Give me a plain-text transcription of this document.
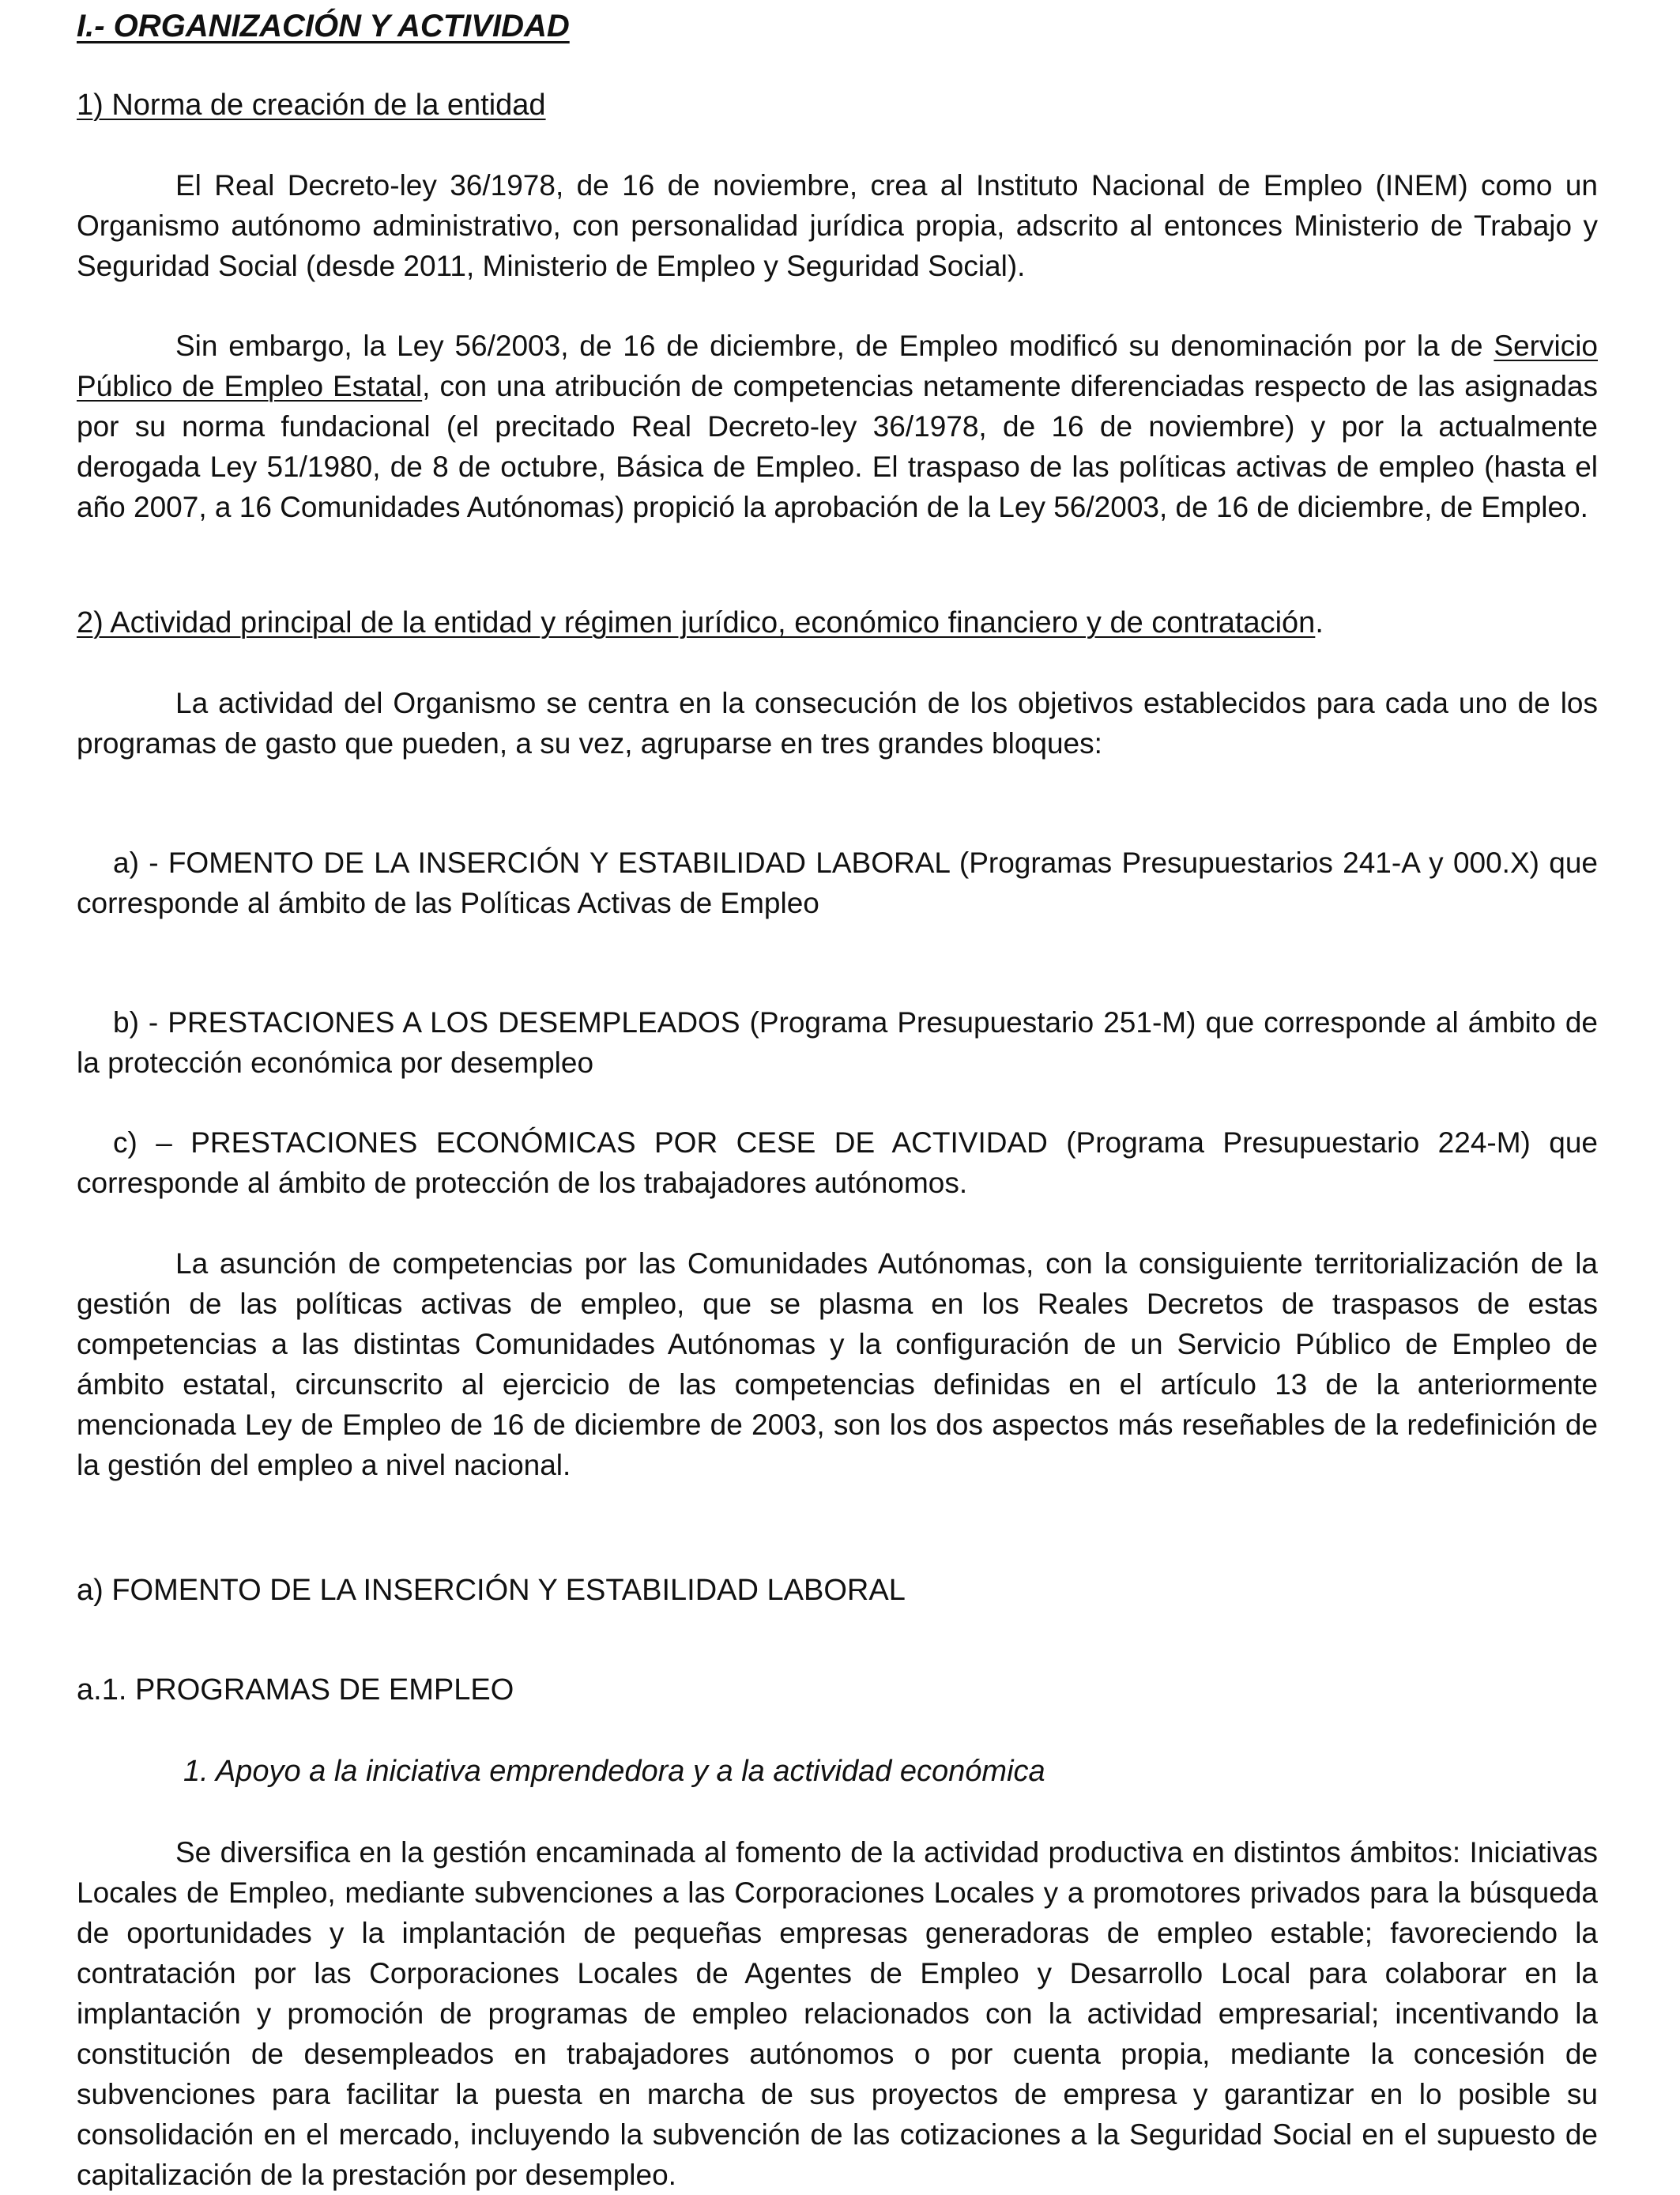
I.- ORGANIZACIÓN Y ACTIVIDAD

1) Norma de creación de la entidad

El Real Decreto-ley 36/1978, de 16 de noviembre, crea al Instituto Nacional de Empleo (INEM) como un Organismo autónomo administrativo, con personalidad jurídica propia, adscrito al entonces Ministerio de Trabajo y Seguridad Social (desde 2011, Ministerio de Empleo y Seguridad Social).

Sin embargo, la Ley 56/2003, de 16 de diciembre, de Empleo modificó su denominación por la de Servicio Público de Empleo Estatal, con una atribución de competencias netamente diferenciadas respecto de las asignadas por su norma fundacional (el precitado Real Decreto-ley 36/1978, de 16 de noviembre) y por la actualmente derogada Ley 51/1980, de 8 de octubre, Básica de Empleo. El traspaso de las políticas activas de empleo (hasta el año 2007, a 16 Comunidades Autónomas) propició la aprobación de la Ley 56/2003, de 16 de diciembre, de Empleo.

2) Actividad principal de la entidad y régimen jurídico, económico financiero y de contratación.

La actividad del Organismo se centra en la consecución de los objetivos establecidos para cada uno de los programas de gasto que pueden, a su vez, agruparse en tres grandes bloques:

a) - FOMENTO DE LA INSERCIÓN Y ESTABILIDAD LABORAL (Programas Presupuestarios 241-A y 000.X) que corresponde al ámbito de las Políticas Activas de Empleo

b) - PRESTACIONES A LOS DESEMPLEADOS (Programa Presupuestario 251-M) que corresponde al ámbito de la protección económica por desempleo

c) – PRESTACIONES ECONÓMICAS POR CESE DE ACTIVIDAD (Programa Presupuestario 224-M) que corresponde al ámbito de protección de los trabajadores autónomos.

La asunción de competencias por las Comunidades Autónomas, con la consiguiente territorialización de la gestión de las políticas activas de empleo, que se plasma en los Reales Decretos de traspasos de estas competencias a las distintas Comunidades Autónomas y la configuración de un Servicio Público de Empleo de ámbito estatal, circunscrito al ejercicio de las competencias definidas en el artículo 13 de la anteriormente mencionada Ley de Empleo de 16 de diciembre de 2003, son los dos aspectos más reseñables de la redefinición de la gestión del empleo a nivel nacional.

a) FOMENTO DE LA INSERCIÓN Y ESTABILIDAD LABORAL

a.1. PROGRAMAS DE EMPLEO

1. Apoyo a la iniciativa emprendedora y a la actividad económica

Se diversifica en la gestión encaminada al fomento de la actividad productiva en distintos ámbitos: Iniciativas Locales de Empleo, mediante subvenciones a las Corporaciones Locales y a promotores privados para la búsqueda de oportunidades y la implantación de pequeñas empresas generadoras de empleo estable; favoreciendo la contratación por las Corporaciones Locales de Agentes de Empleo y Desarrollo Local para colaborar en la implantación y promoción de programas de empleo relacionados con la actividad empresarial; incentivando la constitución de desempleados en trabajadores autónomos o por cuenta propia, mediante la concesión de subvenciones para facilitar la puesta en marcha de sus proyectos de empresa y garantizar en lo posible su consolidación en el mercado, incluyendo la subvención de las cotizaciones a la Seguridad Social en el supuesto de capitalización de la prestación por desempleo.
